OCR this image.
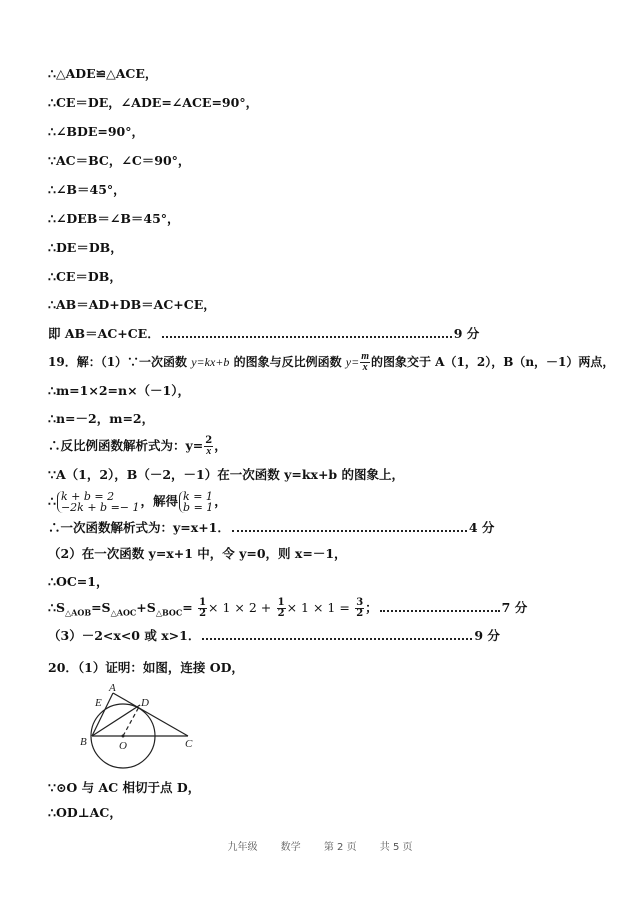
∴△ADE≌△ACE，
∴CE＝DE，∠ADE=∠ACE=90°，
∴∠BDE=90°，
∵AC＝BC，∠C＝90°，
∴∠B＝45°，
∴∠DEB＝∠B＝45°，
∴DE＝DB，
∴CE＝DB，
∴AB＝AD+DB＝AC+CE，
即 AB＝AC+CE．	9 分
19．解：（1）∵一次函数 y=kx+b 的图象与反比例函数 $y= \frac{m}{x}$ 的图象交于 A（1，2），B（n，－1）两点，
∴m=1×2=n×（－1），
∴n=－2，m=2，
∴反比例函数解析式为：$y= \frac{2}{x}$ ，
∵A（1，2），B（－2，－1）在一次函数 y=kx+b 的图象上，
∴ k + b = 2
−2k + b =− 1 ，解得 k = 1
b = 1 ，
∴一次函数解析式为：y=x+1．	4 分
（2）在一次函数 y=x+1 中，令 y=0，则 x=－1，
∴OC=1，
$\therefore S_{\triangle AOB}=S_{\triangle AOC}+S_{\triangle BOC}= \frac{1}{2} \times 1 \times 2 + \frac{1}{2} \times 1 \times 1 = \frac{3}{2}$ ；	7 分
（3）－2<x<0 或 x>1．	9 分
20．（1）证明：如图，连接 OD，
A
E	D
B	O	C
∵⊙O 与 AC 相切于点 D，
∴OD⊥AC，
九年级 数学 第 2 页 共 5 页
